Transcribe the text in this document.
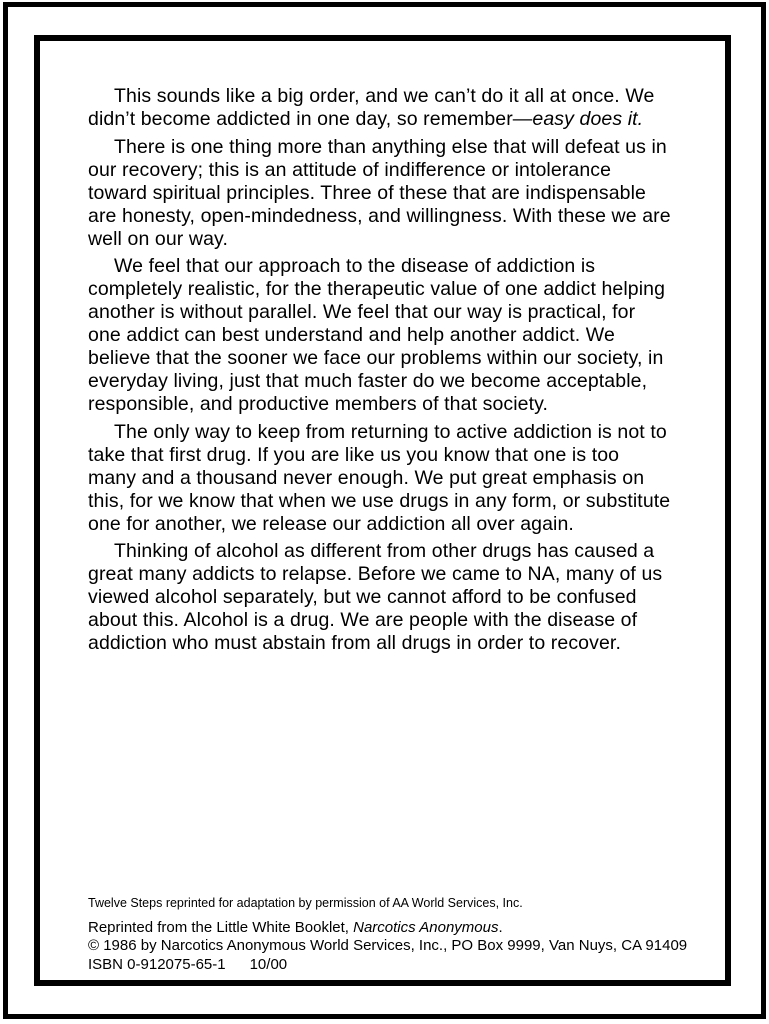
This sounds like a big order, and we can’t do it all at once. We didn’t become addicted in one day, so remember—easy does it.

There is one thing more than anything else that will defeat us in our recovery; this is an attitude of indifference or intolerance toward spiritual principles. Three of these that are indispensable are honesty, open-mindedness, and willingness. With these we are well on our way.

We feel that our approach to the disease of addiction is completely realistic, for the therapeutic value of one addict helping another is without parallel. We feel that our way is practical, for one addict can best understand and help another addict. We believe that the sooner we face our problems within our society, in everyday living, just that much faster do we become acceptable, responsible, and productive members of that society.

The only way to keep from returning to active addiction is not to take that first drug. If you are like us you know that one is too many and a thousand never enough. We put great emphasis on this, for we know that when we use drugs in any form, or substitute one for another, we release our addiction all over again.

Thinking of alcohol as different from other drugs has caused a great many addicts to relapse. Before we came to NA, many of us viewed alcohol separately, but we cannot afford to be confused about this. Alcohol is a drug. We are people with the disease of addiction who must abstain from all drugs in order to recover.

Twelve Steps reprinted for adaptation by permission of AA World Services, Inc.

Reprinted from the Little White Booklet, Narcotics Anonymous.

© 1986 by Narcotics Anonymous World Services, Inc., PO Box 9999, Van Nuys, CA 91409

ISBN 0-912075-65-1 10/00
